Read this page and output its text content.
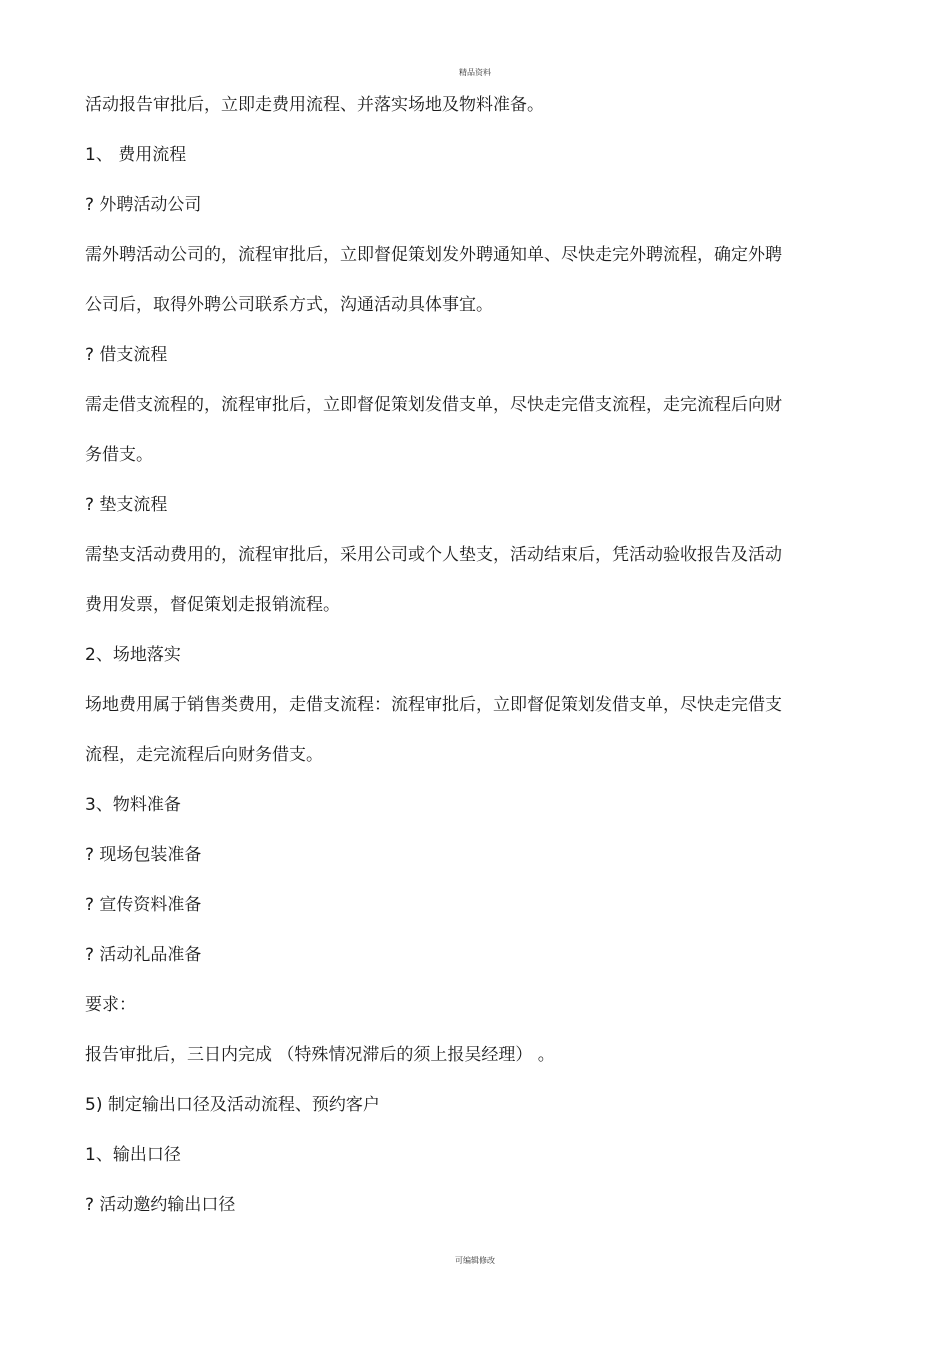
精品资料
活动报告审批后，立即走费用流程、并落实场地及物料准备。
1、 费用流程
? 外聘活动公司
需外聘活动公司的，流程审批后，立即督促策划发外聘通知单、尽快走完外聘流程，确定外聘
公司后，取得外聘公司联系方式，沟通活动具体事宜。
? 借支流程
需走借支流程的，流程审批后，立即督促策划发借支单，尽快走完借支流程，走完流程后向财
务借支。
? 垫支流程
需垫支活动费用的，流程审批后，采用公司或个人垫支，活动结束后，凭活动验收报告及活动
费用发票，督促策划走报销流程。
2、场地落实
场地费用属于销售类费用，走借支流程：流程审批后，立即督促策划发借支单，尽快走完借支
流程，走完流程后向财务借支。
3、物料准备
? 现场包装准备
? 宣传资料准备
? 活动礼品准备
要求：
报告审批后，三日内完成 （特殊情况滞后的须上报吴经理） 。
5) 制定输出口径及活动流程、预约客户
1、输出口径
? 活动邀约输出口径
可编辑修改
